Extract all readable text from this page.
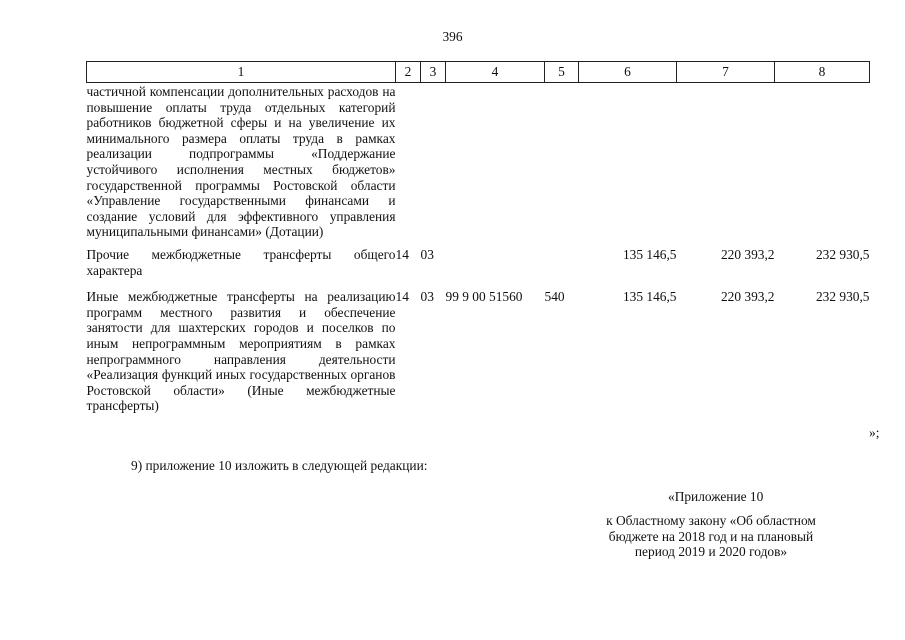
396
1	2	3	4	5	6	7	8
частичной компенсации дополнительных расходов на повышение оплаты труда отдельных категорий работников бюджетной сферы и на увеличение их минимального размера оплаты труда в рамках реализации подпрограммы «Поддержание устойчивого исполнения местных бюджетов» государственной программы Ростовской области «Управление государственными финансами и создание условий для эффективного управления муниципальными финансами» (Дотации)							
Прочие межбюджетные трансферты общего характера	14	03			135 146,5	220 393,2	232 930,5
Иные межбюджетные трансферты на реализацию программ местного развития и обеспечение занятости для шахтерских городов и поселков по иным непрограммным мероприятиям в рамках непрограммного направления деятельности «Реализация функций иных государственных органов Ростовской области» (Иные межбюджетные трансферты)	14	03	99 9 00 51560	540	135 146,5	220 393,2	232 930,5
»;
9) приложение 10 изложить в следующей редакции:
«Приложение 10
к Областному закону «Об областном бюджете на 2018 год и на плановый период 2019 и 2020 годов»
